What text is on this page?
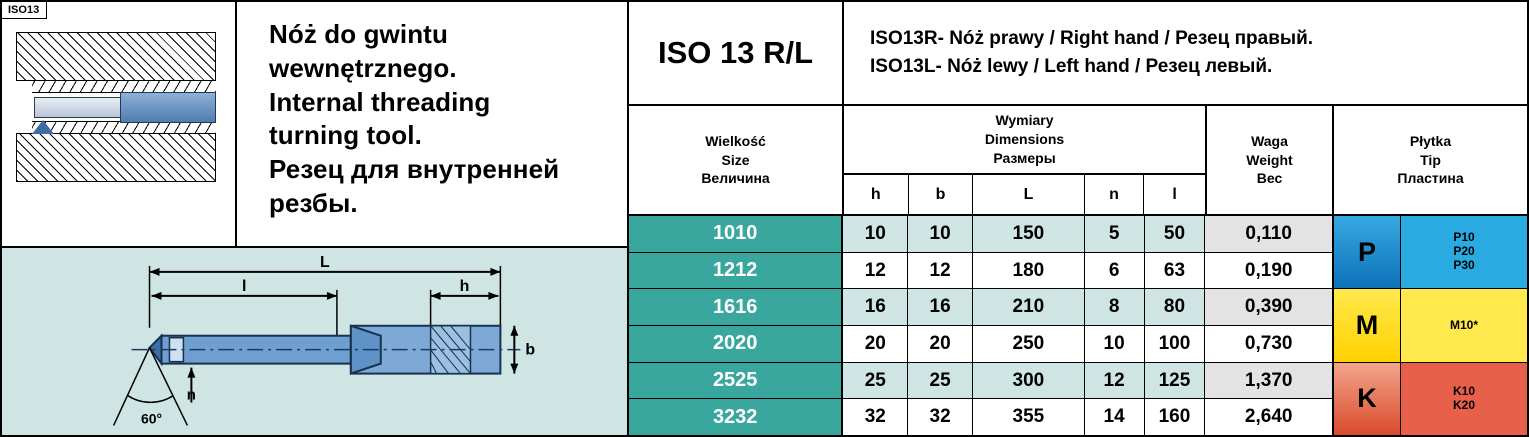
ISO13
Nóż do gwintu
wewnętrznego.
Internal threading
turning tool.
Резец для внутренней
резбы.
L
l	h
b
n
60°
ISO 13 R/L	ISO13R- Nóż prawy / Right hand / Резец правый.
ISO13L- Nóż lewy / Left hand / Резец левый.
Wielkość
Size
Величина
Wymiary
Dimensions
Размеры
h	b	L	n	l
Waga
Weight
Вес
Płytka
Tip
Пластина
1010	10	10	150	5	50	0,110
1212	12	12	180	6	63	0,190
1616	16	16	210	8	80	0,390
2020	20	20	250	10	100	0,730
2525	25	25	300	12	125	1,370
3232	32	32	355	14	160	2,640
P	P10
P20
P30
M	M10*
K	K10
K20
